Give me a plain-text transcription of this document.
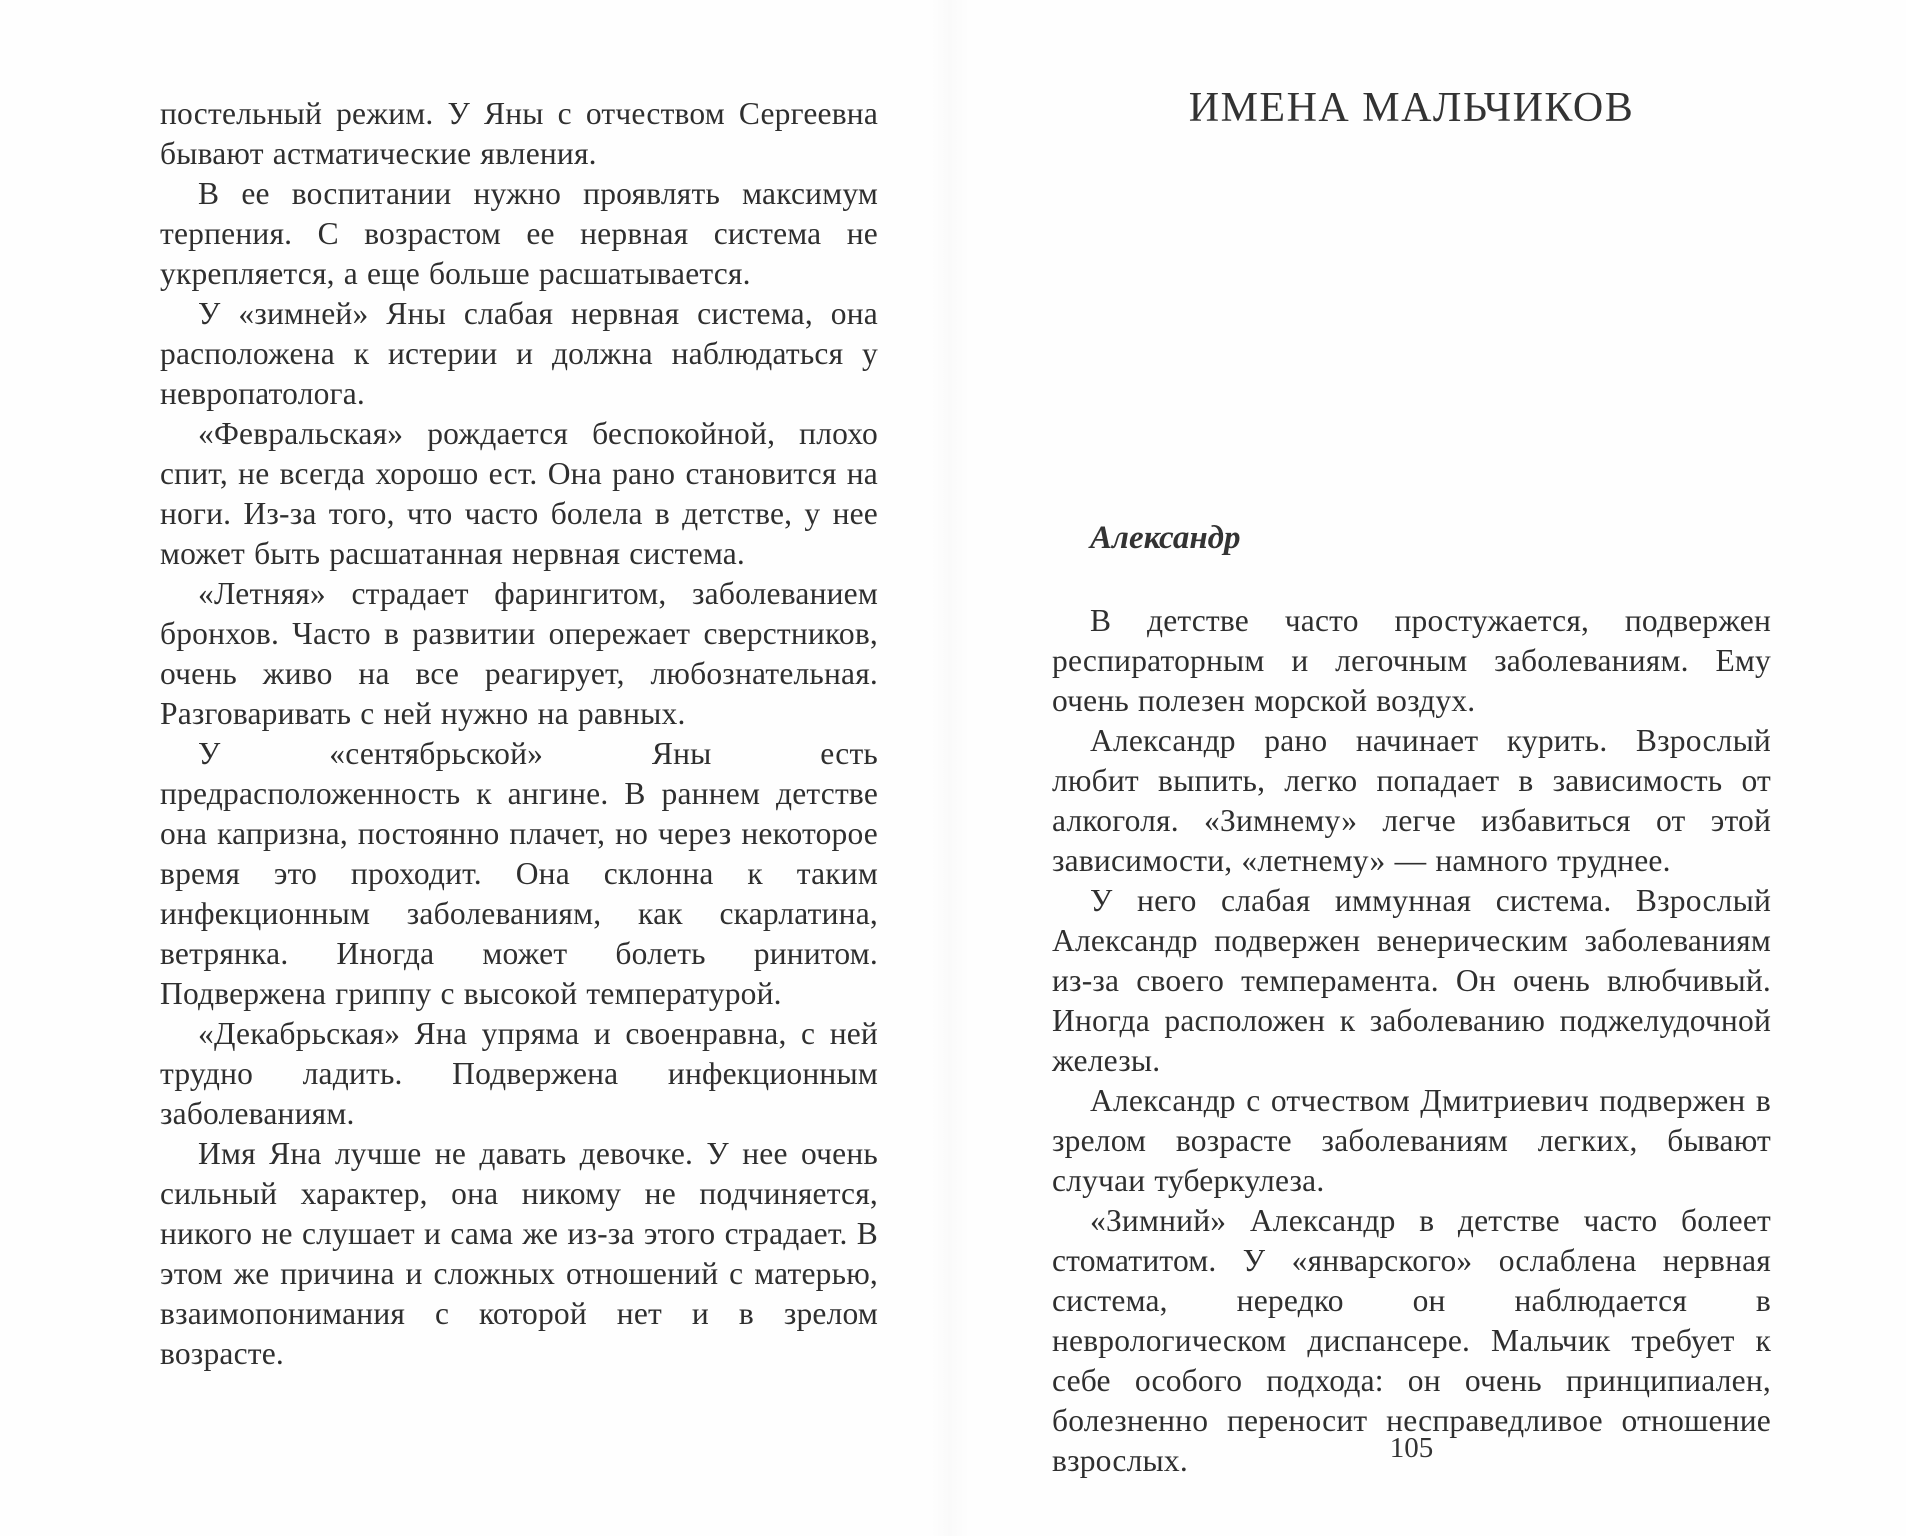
постельный режим. У Яны с отчеством Сергеевна бывают астматические явления.

В ее воспитании нужно проявлять максимум терпения. С возрастом ее нервная система не укрепляется, а еще больше расшатывается.

У «зимней» Яны слабая нервная система, она расположена к истерии и должна наблюдаться у невропатолога.

«Февральская» рождается беспокойной, плохо спит, не всегда хорошо ест. Она рано становится на ноги. Из-за того, что часто болела в детстве, у нее может быть расшатанная нервная система.

«Летняя» страдает фарингитом, заболеванием бронхов. Часто в развитии опережает сверстников, очень живо на все реагирует, любознательная. Разговаривать с ней нужно на равных.

У «сентябрьской» Яны есть предрасположенность к ангине. В раннем детстве она капризна, постоянно плачет, но через некоторое время это проходит. Она склонна к таким инфекционным заболеваниям, как скарлатина, ветрянка. Иногда может болеть ринитом. Подвержена гриппу с высокой температурой.

«Декабрьская» Яна упряма и своенравна, с ней трудно ладить. Подвержена инфекционным заболеваниям.

Имя Яна лучше не давать девочке. У нее очень сильный характер, она никому не подчиняется, никого не слушает и сама же из-за этого страдает. В этом же причина и сложных отношений с матерью, взаимопонимания с которой нет и в зрелом возрасте.

ИМЕНА МАЛЬЧИКОВ
Александр

В детстве часто простужается, подвержен респираторным и легочным заболеваниям. Ему очень полезен морской воздух.

Александр рано начинает курить. Взрослый любит выпить, легко попадает в зависимость от алкоголя. «Зимнему» легче избавиться от этой зависимости, «летнему» — намного труднее.

У него слабая иммунная система. Взрослый Александр подвержен венерическим заболеваниям из-за своего темперамента. Он очень влюбчивый. Иногда расположен к заболеванию поджелудочной железы.

Александр с отчеством Дмитриевич подвержен в зрелом возрасте заболеваниям легких, бывают случаи туберкулеза.

«Зимний» Александр в детстве часто болеет стоматитом. У «январского» ослаблена нервная система, нередко он наблюдается в неврологическом диспансере. Мальчик требует к себе особого подхода: он очень принципиален, болезненно переносит несправедливое отношение взрослых.	105
